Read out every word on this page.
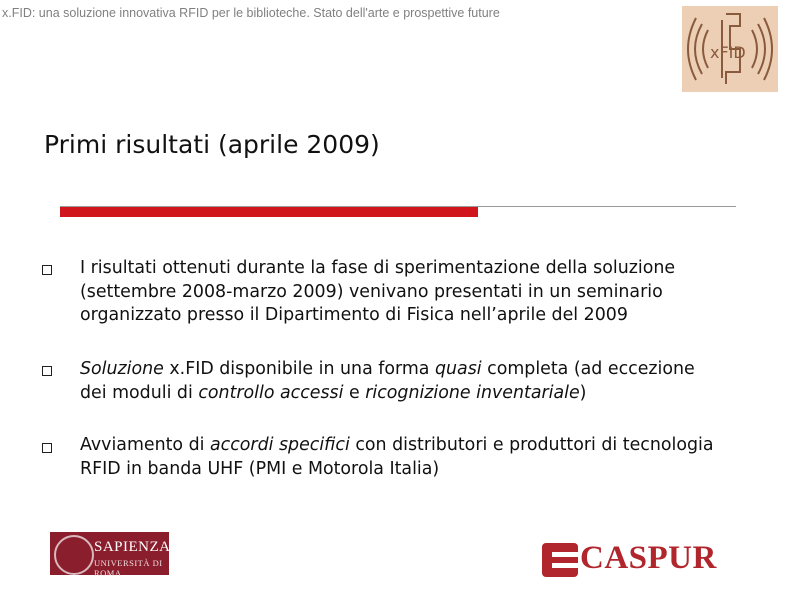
x.FID: una soluzione innovativa RFID per le biblioteche. Stato dell'arte e prospettive future
xFID
Primi risultati (aprile 2009)
I risultati ottenuti durante la fase di sperimentazione della soluzione (settembre 2008-marzo 2009) venivano presentati in un seminario organizzato presso il Dipartimento di Fisica nell’aprile del 2009
Soluzione x.FID disponibile in una forma quasi completa (ad eccezione dei moduli di controllo accessi e ricognizione inventariale)
Avviamento di accordi specifici con distributori e produttori di tecnologia RFID in banda UHF (PMI e Motorola Italia)
SAPIENZA
UNIVERSITÀ DI ROMA	CASPUR
